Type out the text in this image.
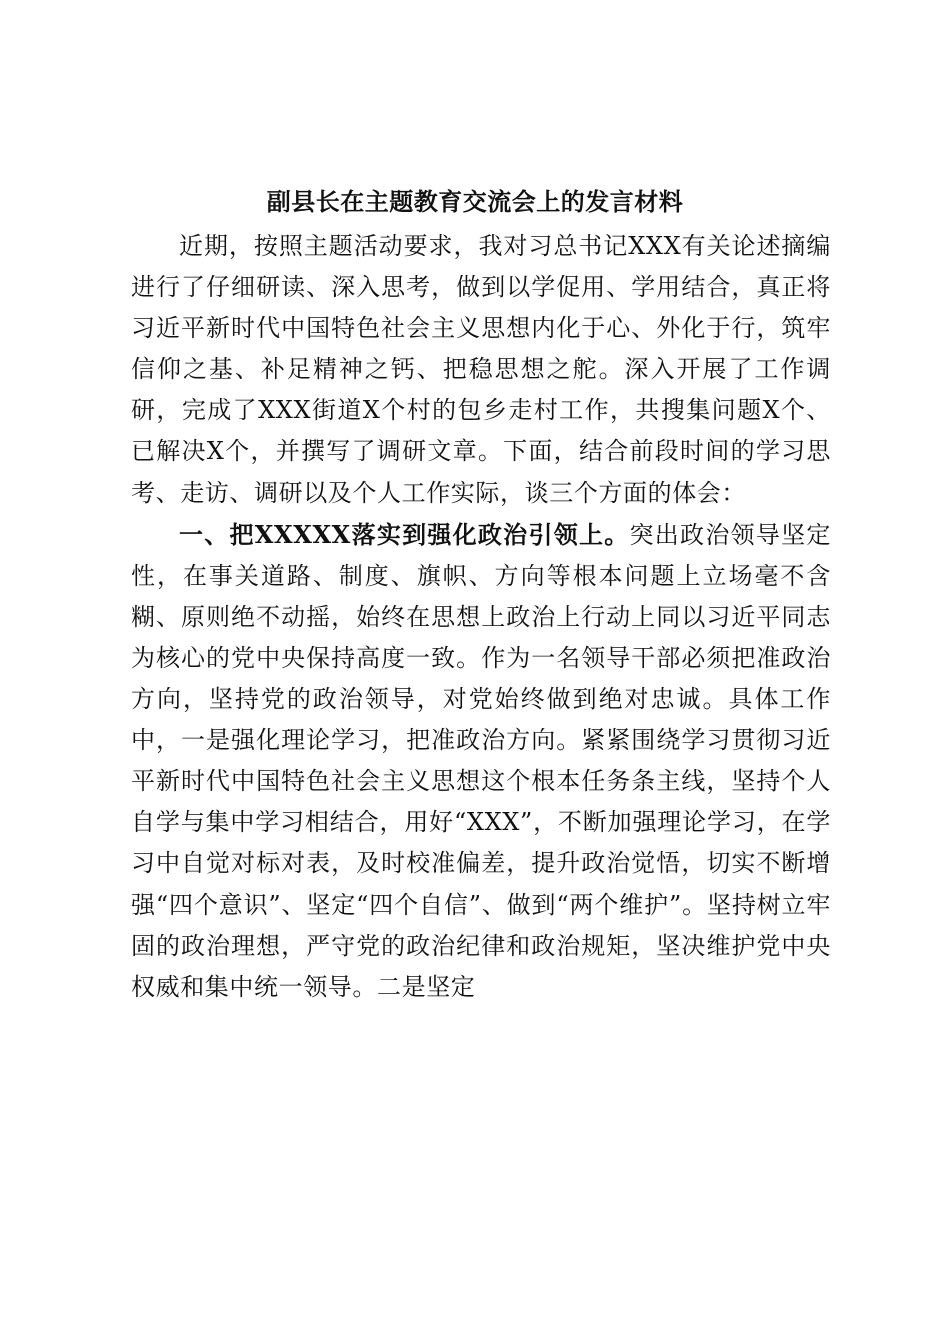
副县长在主题教育交流会上的发言材料

近期，按照主题活动要求，我对习总书记XXX有关论述摘编进行了仔细研读、深入思考，做到以学促用、学用结合，真正将习近平新时代中国特色社会主义思想内化于心、外化于行，筑牢信仰之基、补足精神之钙、把稳思想之舵。深入开展了工作调研，完成了XXX街道X个村的包乡走村工作，共搜集问题X个、已解决X个，并撰写了调研文章。下面，结合前段时间的学习思考、走访、调研以及个人工作实际，谈三个方面的体会：

一、把XXXXX落实到强化政治引领上。突出政治领导坚定性，在事关道路、制度、旗帜、方向等根本问题上立场毫不含糊、原则绝不动摇，始终在思想上政治上行动上同以习近平同志为核心的党中央保持高度一致。作为一名领导干部必须把准政治方向，坚持党的政治领导，对党始终做到绝对忠诚。具体工作中，一是强化理论学习，把准政治方向。紧紧围绕学习贯彻习近平新时代中国特色社会主义思想这个根本任务条主线，坚持个人自学与集中学习相结合，用好“XXX”，不断加强理论学习，在学习中自觉对标对表，及时校准偏差，提升政治觉悟，切实不断增强“四个意识”、坚定“四个自信”、做到“两个维护”。坚持树立牢固的政治理想，严守党的政治纪律和政治规矩，坚决维护党中央权威和集中统一领导。二是坚定
